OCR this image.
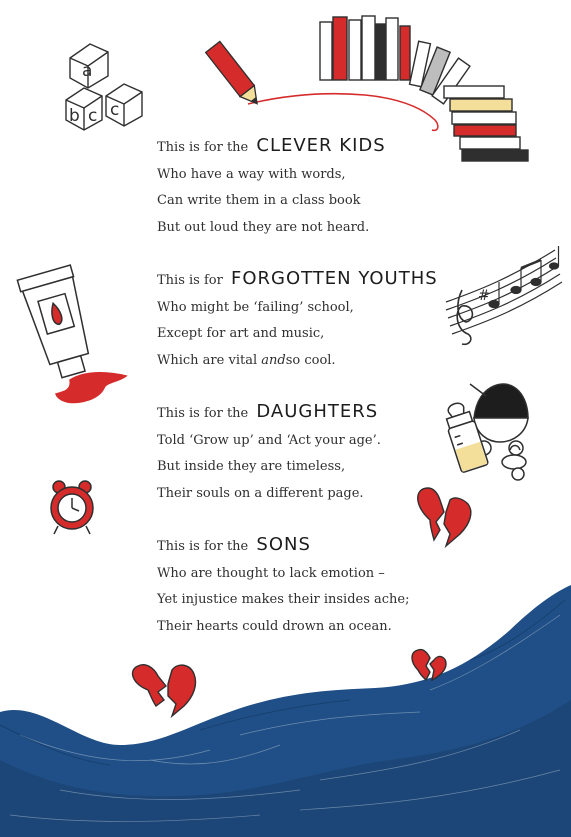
a
b c c
#
This is for the CLEVER KIDS
Who have a way with words,
Can write them in a class book
But out loud they are not heard.
This is for FORGOTTEN YOUTHS
Who might be ‘failing’ school,
Except for art and music,
Which are vital andso cool.
This is for the DAUGHTERS
Told ‘Grow up’ and ‘Act your age’.
But inside they are timeless,
Their souls on a different page.
This is for the SONS
Who are thought to lack emotion –
Yet injustice makes their insides ache;
Their hearts could drown an ocean.
